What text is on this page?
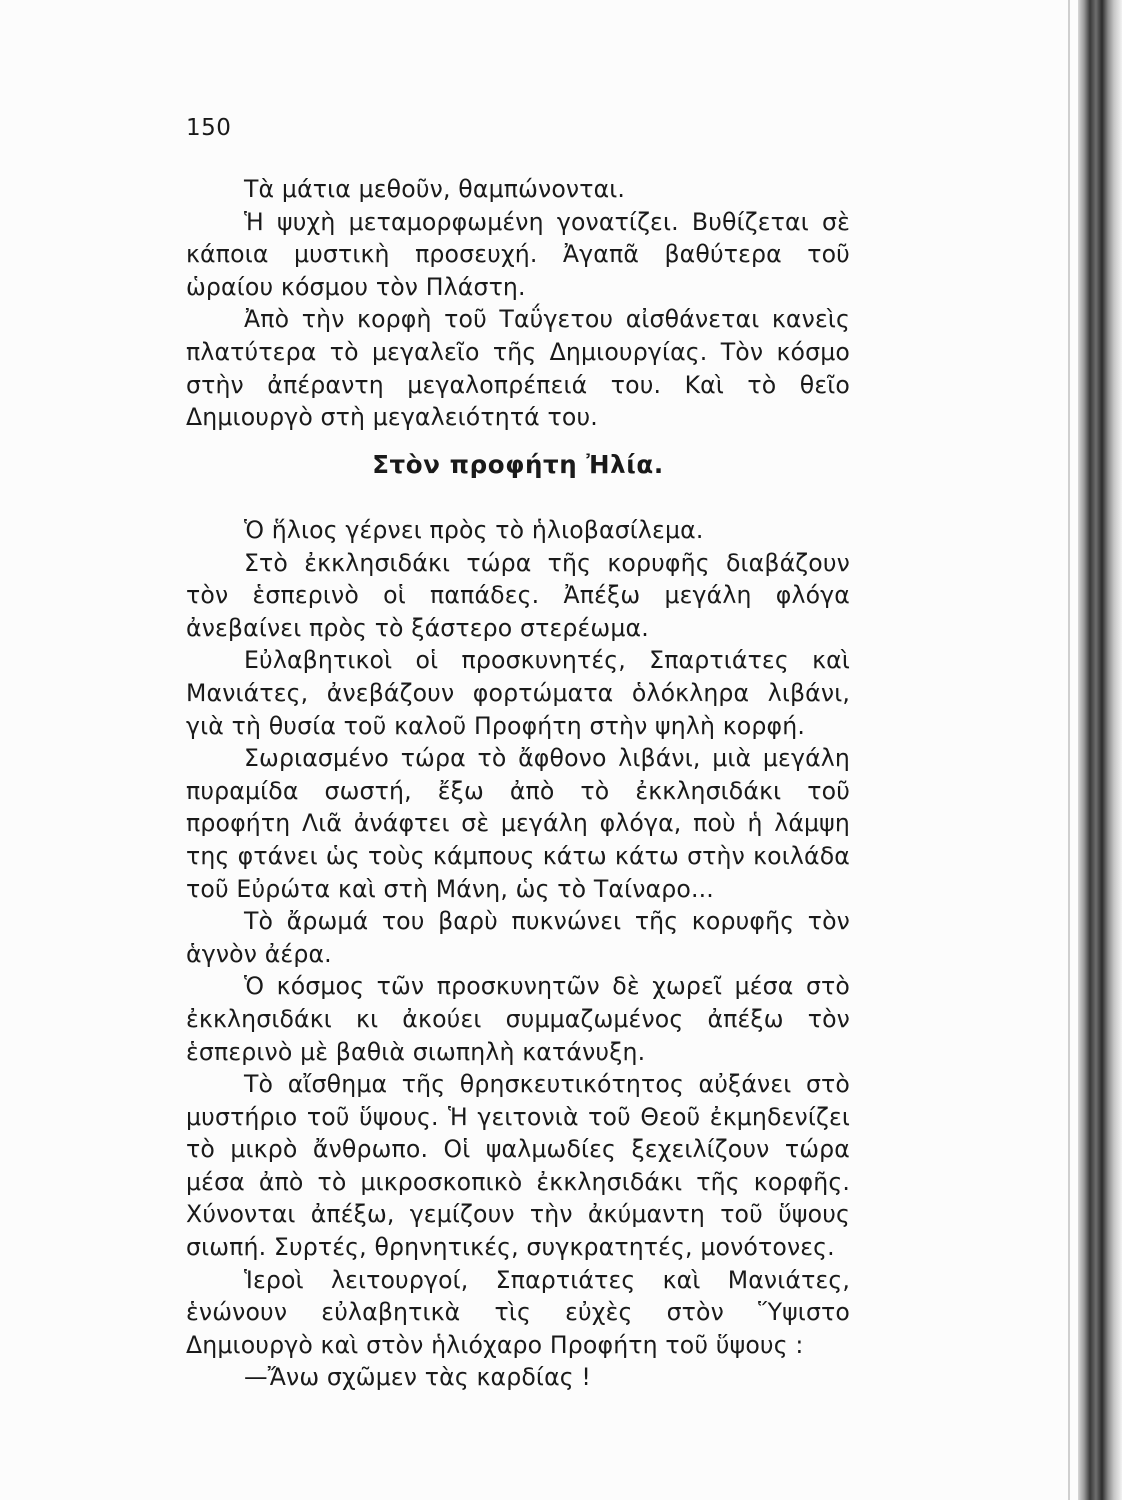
150

Τὰ μάτια μεθοῦν, θαμπώνονται.

Ἡ ψυχὴ μεταμορφωμένη γονατίζει. Βυθίζεται σὲ κάποια μυστικὴ προσευχή. Ἀγαπᾶ βαθύτερα τοῦ ὡραίου κόσμου τὸν Πλάστη.

Ἀπὸ τὴν κορφὴ τοῦ Ταΰγετου αἰσθάνεται κανεὶς πλατύτερα τὸ μεγαλεῖο τῆς Δημιουργίας. Τὸν κόσμο στὴν ἀπέραντη μεγαλοπρέπειά του. Καὶ τὸ θεῖο Δημιουργὸ στὴ μεγαλειότητά του.

Στὸν προφήτη Ἠλία.

Ὁ ἥλιος γέρνει πρὸς τὸ ἡλιοβασίλεμα.

Στὸ ἐκκλησιδάκι τώρα τῆς κορυφῆς διαβάζουν τὸν ἑσπερινὸ οἱ παπάδες. Ἀπέξω μεγάλη φλόγα ἀνεβαίνει πρὸς τὸ ξάστερο στερέωμα.

Εὐλαβητικοὶ οἱ προσκυνητές, Σπαρτιάτες καὶ Μανιάτες, ἀνεβάζουν φορτώματα ὁλόκληρα λιβάνι, γιὰ τὴ θυσία τοῦ καλοῦ Προφήτη στὴν ψηλὴ κορφή.

Σωριασμένο τώρα τὸ ἄφθονο λιβάνι, μιὰ μεγάλη πυραμίδα σωστή, ἔξω ἀπὸ τὸ ἐκκλησιδάκι τοῦ προφήτη Λιᾶ ἀνάφτει σὲ μεγάλη φλόγα, ποὺ ἡ λάμψη της φτάνει ὡς τοὺς κάμπους κάτω κάτω στὴν κοιλάδα τοῦ Εὐρώτα καὶ στὴ Μάνη, ὡς τὸ Ταίναρο...

Τὸ ἄρωμά του βαρὺ πυκνώνει τῆς κορυφῆς τὸν ἁγνὸν ἀέρα.

Ὁ κόσμος τῶν προσκυνητῶν δὲ χωρεῖ μέσα στὸ ἐκκλησιδάκι κι ἀκούει συμμαζωμένος ἀπέξω τὸν ἑσπερινὸ μὲ βαθιὰ σιωπηλὴ κατάνυξη.

Τὸ αἴσθημα τῆς θρησκευτικότητος αὐξάνει στὸ μυστήριο τοῦ ὕψους. Ἡ γειτονιὰ τοῦ Θεοῦ ἐκμηδενίζει τὸ μικρὸ ἄνθρωπο. Οἱ ψαλμωδίες ξεχειλίζουν τώρα μέσα ἀπὸ τὸ μικροσκοπικὸ ἐκκλησιδάκι τῆς κορφῆς. Χύνονται ἀπέξω, γεμίζουν τὴν ἀκύμαντη τοῦ ὕψους σιωπή. Συρτές, θρηνητικές, συγκρατητές, μονότονες.

Ἱεροὶ λειτουργοί, Σπαρτιάτες καὶ Μανιάτες, ἑνώνουν εὐλαβητικὰ τὶς εὐχὲς στὸν Ὕψιστο Δημιουργὸ καὶ στὸν ἡλιόχαρο Προφήτη τοῦ ὕψους :

—Ἄνω σχῶμεν τὰς καρδίας !
